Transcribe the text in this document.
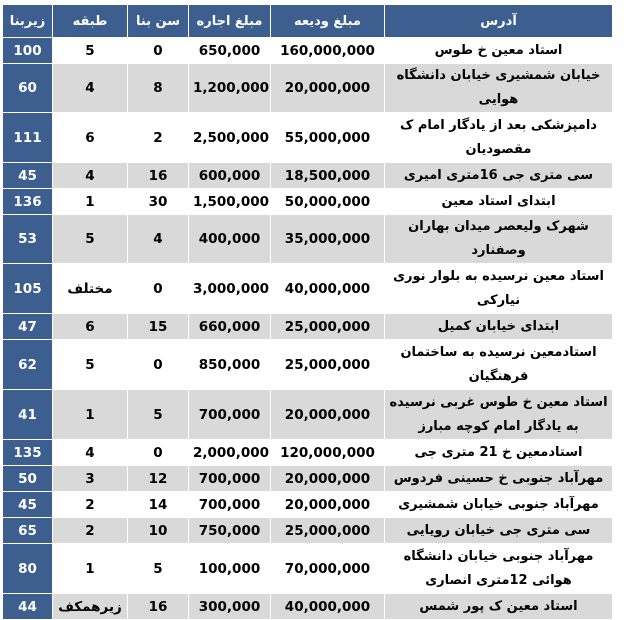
زیربنا	طبقه	سن بنا	مبلغ اجاره	مبلغ ودیعه	آدرس
100	5	0	650,000	160,000,000	استاد معین خ طوس
60	4	8	1,200,000	20,000,000	خیابان شمشیری خیابان دانشگاه هوایی
111	6	2	2,500,000	55,000,000	دامپزشکی بعد از یادگار امام ک مقصودیان
45	4	16	600,000	18,500,000	سی متری جی 16متری امیری
136	1	30	1,500,000	50,000,000	ابتدای استاد معین
53	5	4	400,000	35,000,000	شهرک ولیعصر میدان بهاران وصفنارد
105	مختلف	0	3,000,000	40,000,000	استاد معین نرسیده به بلوار نوری نیارکی
47	6	15	660,000	25,000,000	ابتدای خیابان کمیل
62	5	0	850,000	25,000,000	استادمعین نرسیده به ساختمان فرهنگیان
41	1	5	700,000	20,000,000	استاد معین خ طوس غربی نرسیده به یادگار امام کوچه مبارز
135	4	0	2,000,000	120,000,000	استادمعین خ 21 متری جی
50	3	12	700,000	20,000,000	مهرآباد جنوبی خ حسینی فردوس
45	2	14	700,000	20,000,000	مهرآباد جنوبی خیابان شمشیری
65	2	10	750,000	25,000,000	سی متری جی خیابان رویایی
80	1	5	100,000	70,000,000	مهرآباد جنوبی خیابان دانشگاه هوائی 12متری انصاری
44	زیرهمکف	16	300,000	40,000,000	استاد معین ک پور شمس
